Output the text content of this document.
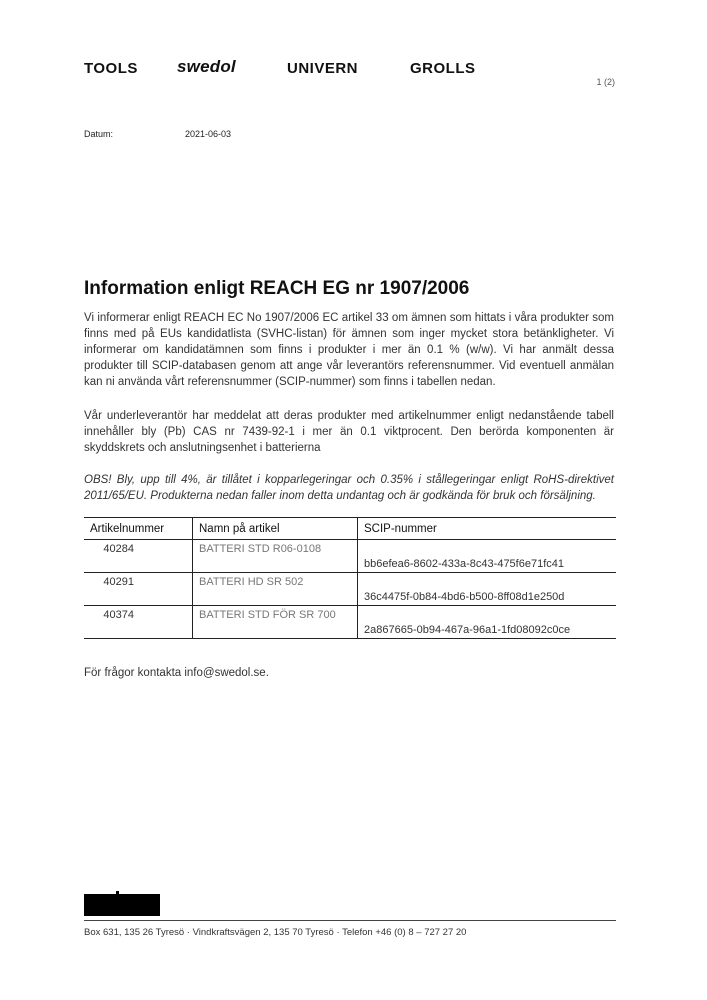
TOOLS swedol	UNIVERN	GROLLS
1 (2)
Datum:	2021-06-03
Information enligt REACH EG nr 1907/2006
Vi informerar enligt REACH EC No 1907/2006 EC artikel 33 om ämnen som hittats i våra produkter som finns med på EUs kandidatlista (SVHC-listan) för ämnen som inger mycket stora betänkligheter. Vi informerar om kandidatämnen som finns i produkter i mer än 0.1 % (w/w). Vi har anmält dessa produkter till SCIP-databasen genom att ange vår leverantörs referensnummer. Vid eventuell anmälan kan ni använda vårt referensnummer (SCIP-nummer) som finns i tabellen nedan.
Vår underleverantör har meddelat att deras produkter med artikelnummer enligt nedanstående tabell innehåller bly (Pb) CAS nr 7439-92-1 i mer än 0.1 viktprocent. Den berörda komponenten är skyddskrets och anslutningsenhet i batterierna
OBS! Bly, upp till 4%, är tillåtet i kopparlegeringar och 0.35% i stållegeringar enligt RoHS-direktivet 2011/65/EU. Produkterna nedan faller inom detta undantag och är godkända för bruk och försäljning.
Artikelnummer	Namn på artikel	SCIP-nummer
40284	BATTERI STD R06-0108	bb6efea6-8602-433a-8c43-475f6e71fc41
40291	BATTERI HD SR 502	36c4475f-0b84-4bd6-b500-8ff08d1e250d
40374	BATTERI STD FÖR SR 700	2a867665-0b94-467a-96a1-1fd08092c0ce
För frågor kontakta info@swedol.se.
Box 631, 135 26 Tyresö · Vindkraftsvägen 2, 135 70 Tyresö · Telefon +46 (0) 8 – 727 27 20
